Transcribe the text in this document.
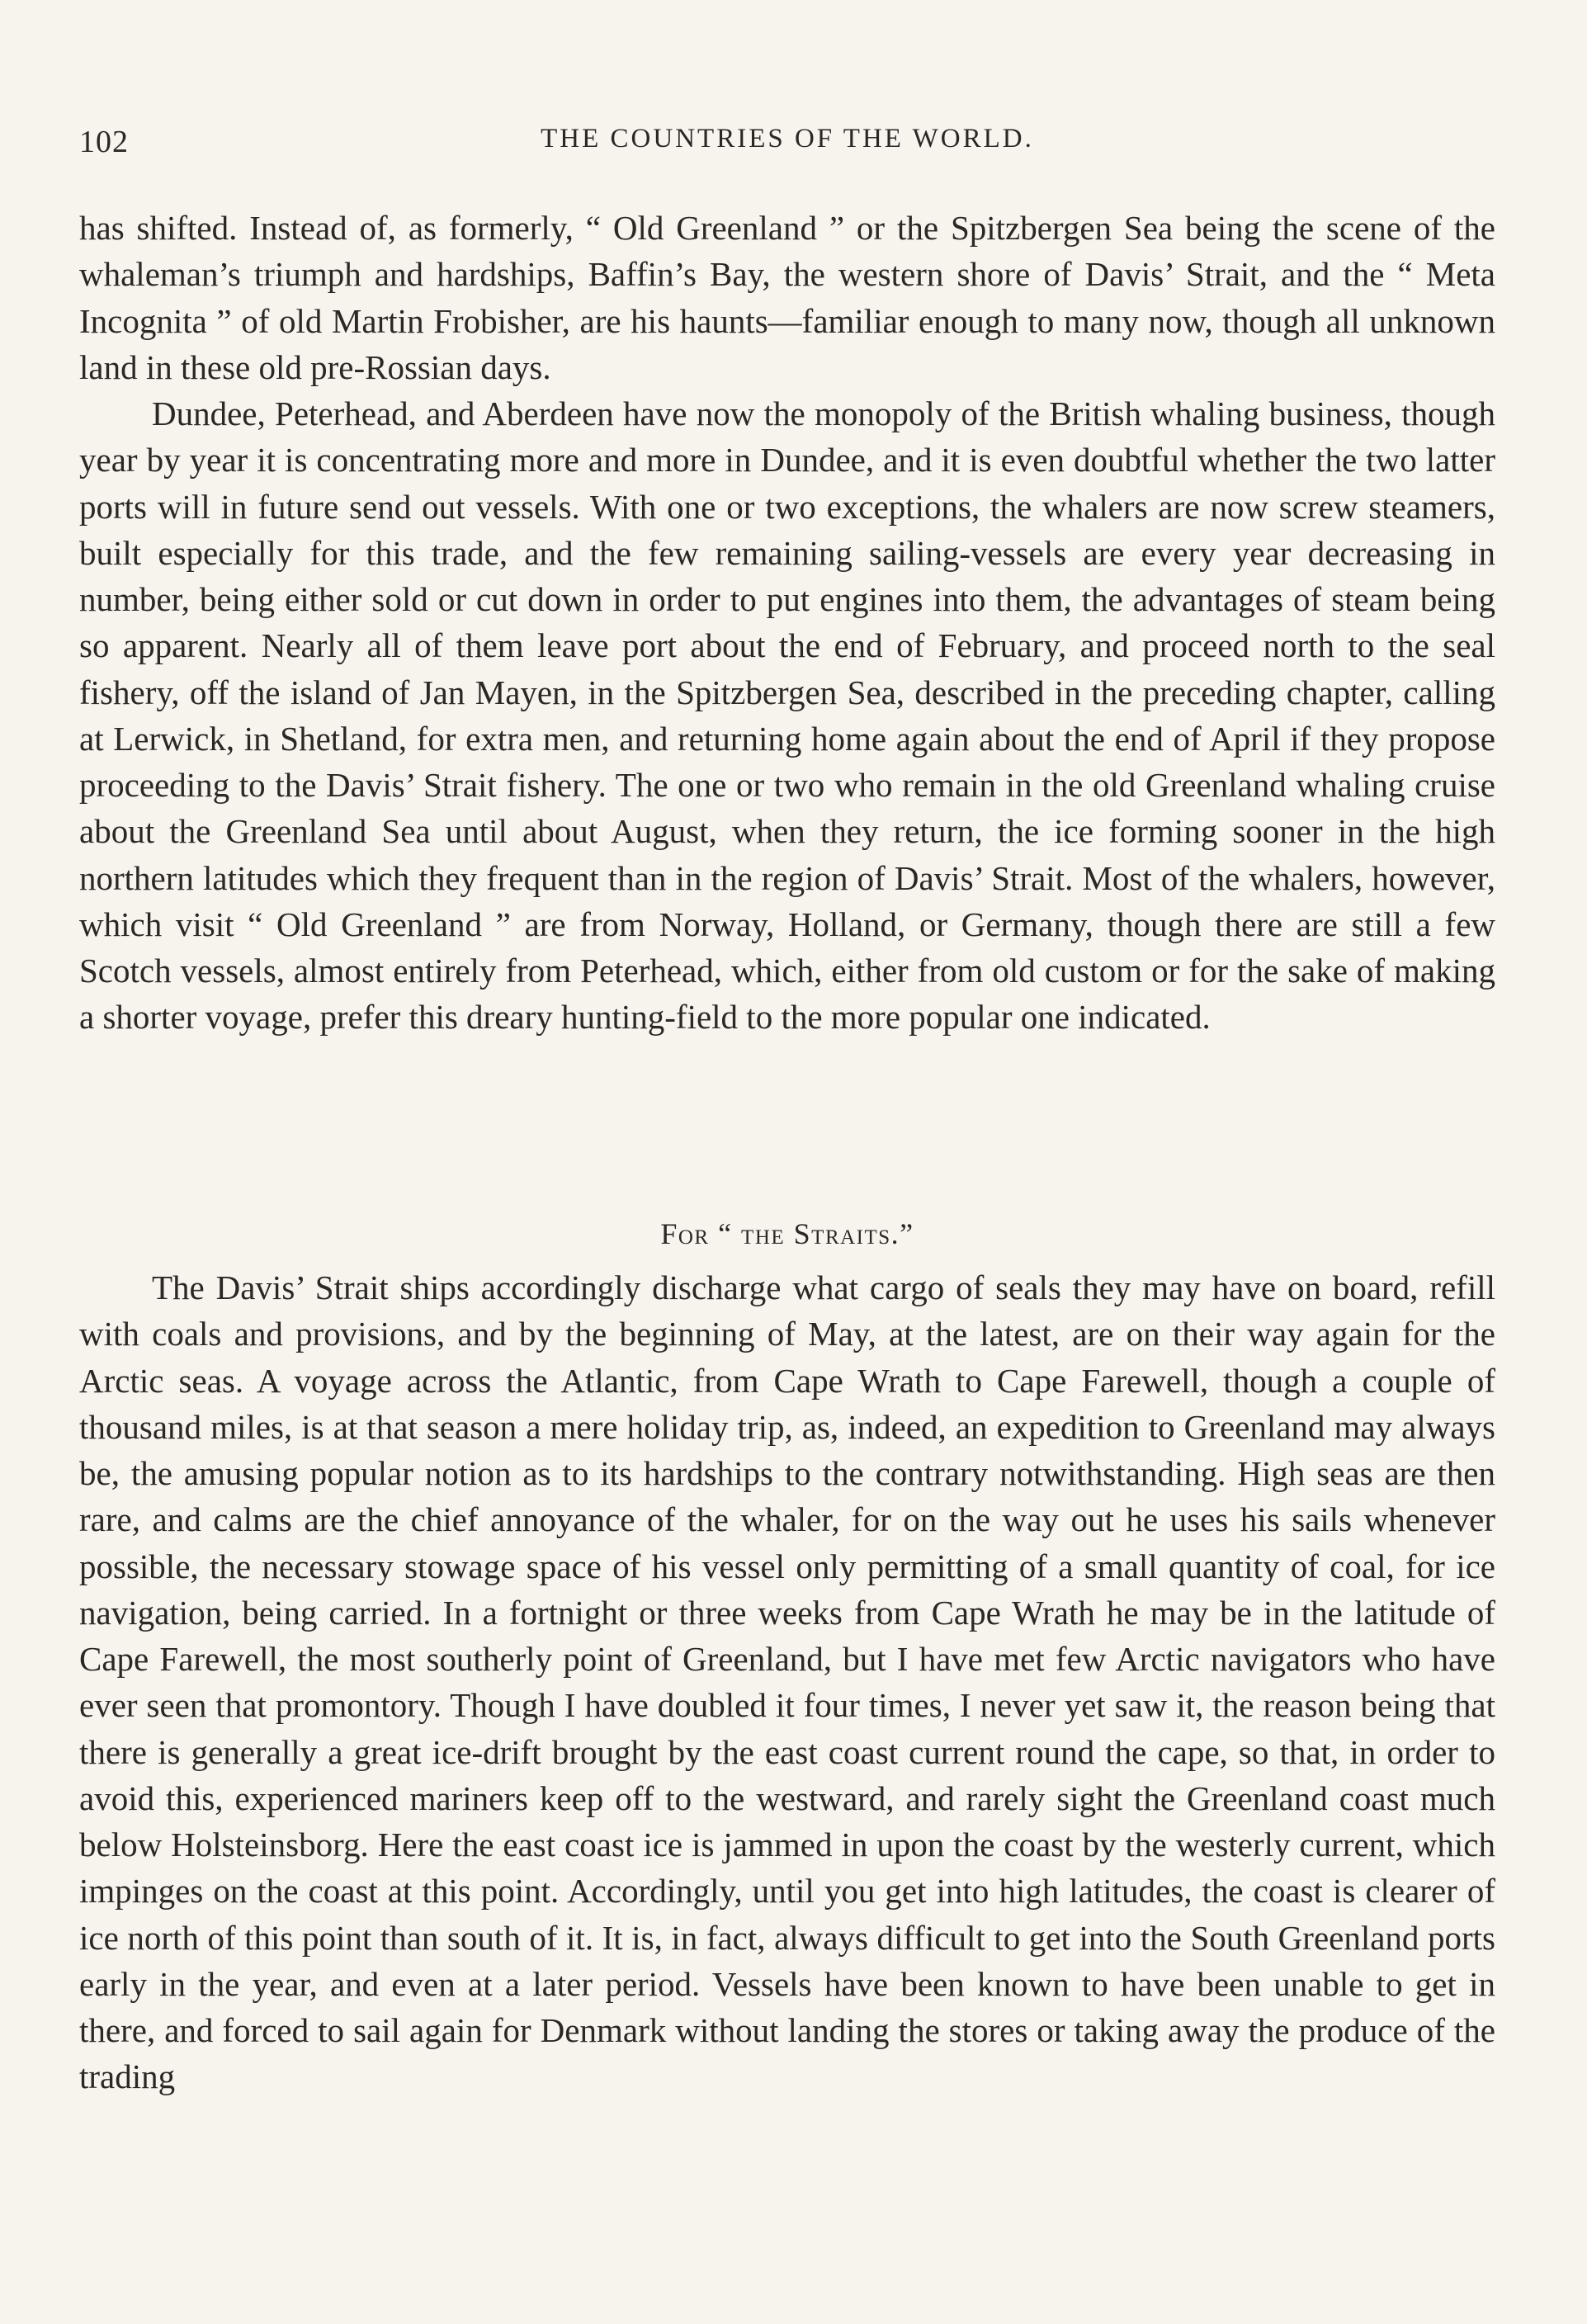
102	THE COUNTRIES OF THE WORLD.

has shifted. Instead of, as formerly, “ Old Greenland ” or the Spitzbergen Sea being the scene of the whaleman’s triumph and hardships, Baffin’s Bay, the western shore of Davis’ Strait, and the “ Meta Incognita ” of old Martin Frobisher, are his haunts—familiar enough to many now, though all unknown land in these old pre-Rossian days.

Dundee, Peterhead, and Aberdeen have now the monopoly of the British whaling business, though year by year it is concentrating more and more in Dundee, and it is even doubtful whether the two latter ports will in future send out vessels. With one or two exceptions, the whalers are now screw steamers, built especially for this trade, and the few remaining sailing-vessels are every year decreasing in number, being either sold or cut down in order to put engines into them, the advantages of steam being so apparent. Nearly all of them leave port about the end of February, and proceed north to the seal fishery, off the island of Jan Mayen, in the Spitzbergen Sea, described in the preceding chapter, calling at Lerwick, in Shetland, for extra men, and returning home again about the end of April if they propose proceeding to the Davis’ Strait fishery. The one or two who remain in the old Greenland whaling cruise about the Greenland Sea until about August, when they return, the ice forming sooner in the high northern latitudes which they frequent than in the region of Davis’ Strait. Most of the whalers, however, which visit “ Old Greenland ” are from Norway, Holland, or Germany, though there are still a few Scotch vessels, almost entirely from Peterhead, which, either from old custom or for the sake of making a shorter voyage, prefer this dreary hunting-field to the more popular one indicated.

For “ the Straits.”

The Davis’ Strait ships accordingly discharge what cargo of seals they may have on board, refill with coals and provisions, and by the beginning of May, at the latest, are on their way again for the Arctic seas. A voyage across the Atlantic, from Cape Wrath to Cape Farewell, though a couple of thousand miles, is at that season a mere holiday trip, as, indeed, an expedition to Greenland may always be, the amusing popular notion as to its hardships to the contrary notwithstanding. High seas are then rare, and calms are the chief annoyance of the whaler, for on the way out he uses his sails whenever possible, the necessary stowage space of his vessel only permitting of a small quantity of coal, for ice navigation, being carried. In a fortnight or three weeks from Cape Wrath he may be in the latitude of Cape Farewell, the most southerly point of Greenland, but I have met few Arctic navigators who have ever seen that promontory. Though I have doubled it four times, I never yet saw it, the reason being that there is generally a great ice-drift brought by the east coast current round the cape, so that, in order to avoid this, experienced mariners keep off to the westward, and rarely sight the Greenland coast much below Holsteinsborg. Here the east coast ice is jammed in upon the coast by the westerly current, which impinges on the coast at this point. Accordingly, until you get into high latitudes, the coast is clearer of ice north of this point than south of it. It is, in fact, always difficult to get into the South Greenland ports early in the year, and even at a later period. Vessels have been known to have been unable to get in there, and forced to sail again for Denmark without landing the stores or taking away the produce of the trading
